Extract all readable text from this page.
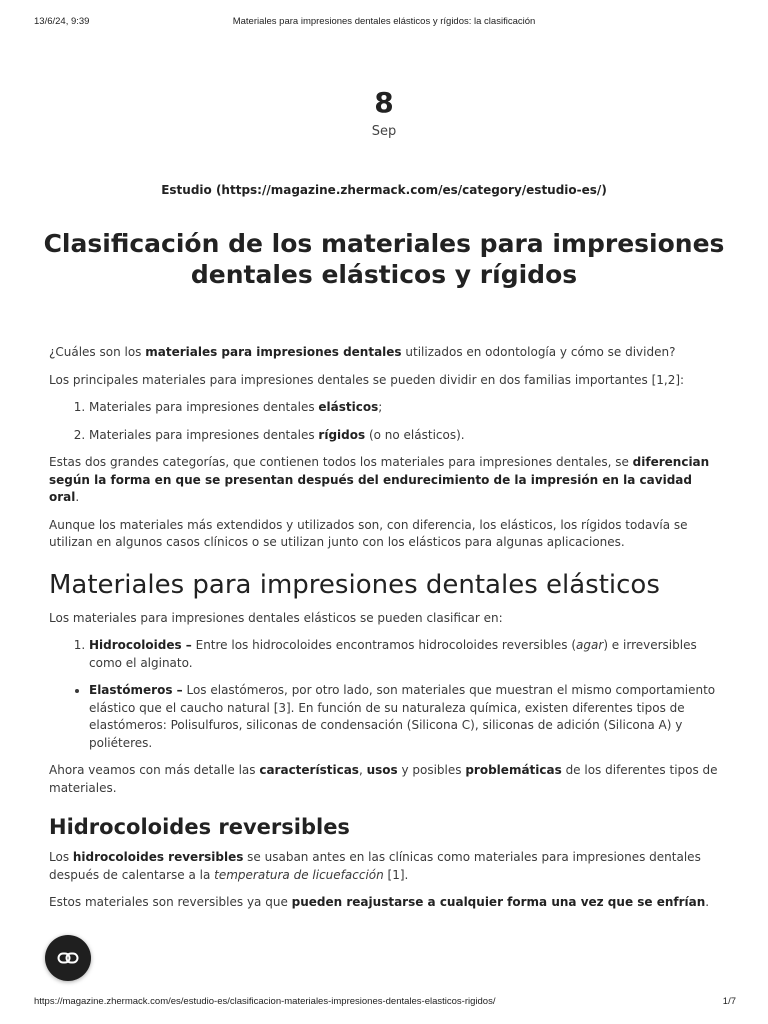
13/6/24, 9:39	Materiales para impresiones dentales elásticos y rígidos: la clasificación
8
Sep
Estudio (https://magazine.zhermack.com/es/category/estudio-es/)
Clasificación de los materiales para impresiones dentales elásticos y rígidos

¿Cuáles son los materiales para impresiones dentales utilizados en odontología y cómo se dividen?

Los principales materiales para impresiones dentales se pueden dividir en dos familias importantes [1,2]:

1. Materiales para impresiones dentales elásticos;
2. Materiales para impresiones dentales rígidos (o no elásticos).

Estas dos grandes categorías, que contienen todos los materiales para impresiones dentales, se diferencian según la forma en que se presentan después del endurecimiento de la impresión en la cavidad oral.

Aunque los materiales más extendidos y utilizados son, con diferencia, los elásticos, los rígidos todavía se utilizan en algunos casos clínicos o se utilizan junto con los elásticos para algunas aplicaciones.

Materiales para impresiones dentales elásticos

Los materiales para impresiones dentales elásticos se pueden clasificar en:

1. Hidrocoloides – Entre los hidrocoloides encontramos hidrocoloides reversibles (agar) e irreversibles como el alginato.
• Elastómeros – Los elastómeros, por otro lado, son materiales que muestran el mismo comportamiento elástico que el caucho natural [3]. En función de su naturaleza química, existen diferentes tipos de elastómeros: Polisulfuros, siliconas de condensación (Silicona C), siliconas de adición (Silicona A) y poliéteres.

Ahora veamos con más detalle las características, usos y posibles problemáticas de los diferentes tipos de materiales.

Hidrocoloides reversibles

Los hidrocoloides reversibles se usaban antes en las clínicas como materiales para impresiones dentales después de calentarse a la temperatura de licuefacción [1].

Estos materiales son reversibles ya que pueden reajustarse a cualquier forma una vez que se enfrían.

https://magazine.zhermack.com/es/estudio-es/clasificacion-materiales-impresiones-dentales-elasticos-rigidos/	1/7
